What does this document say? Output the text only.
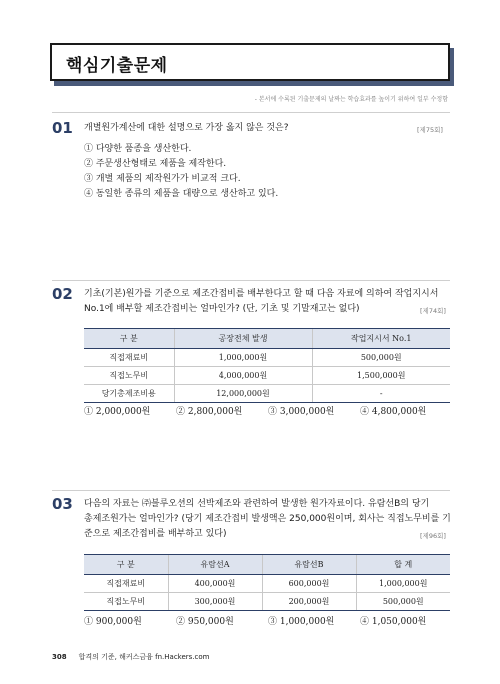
핵심기출문제
- 본서에 수록된 기출문제의 날짜는 학습효과를 높이기 위하여 일부 수정함
01 개별원가계산에 대한 설명으로 가장 옳지 않은 것은?	[제75회]
① 다양한 품종을 생산한다.
② 주문생산형태로 제품을 제작한다.
③ 개별 제품의 제작원가가 비교적 크다.
④ 동일한 종류의 제품을 대량으로 생산하고 있다.
02 기초(기본)원가를 기준으로 제조간접비를 배부한다고 할 때 다음 자료에 의하여 작업지시서
No.1에 배부할 제조간접비는 얼마인가? (단, 기초 및 기말재고는 없다)	[제74회]
구 분	공장전체 발생	작업지시서 No.1
직접재료비	1,000,000원	500,000원
직접노무비	4,000,000원	1,500,000원
당기총제조비용	12,000,000원	-
① 2,000,000원	② 2,800,000원	③ 3,000,000원	④ 4,800,000원
03 다음의 자료는 ㈜블루오션의 선박제조와 관련하여 발생한 원가자료이다. 유람선B의 당기
총제조원가는 얼마인가? (당기 제조간접비 발생액은 250,000원이며, 회사는 직접노무비를 기
준으로 제조간접비를 배부하고 있다)	[제96회]
구 분	유람선A	유람선B	합 계
직접재료비	400,000원	600,000원	1,000,000원
직접노무비	300,000원	200,000원	500,000원
① 900,000원	② 950,000원	③ 1,000,000원	④ 1,050,000원
308 합격의 기준, 해커스금융 fn.Hackers.com
